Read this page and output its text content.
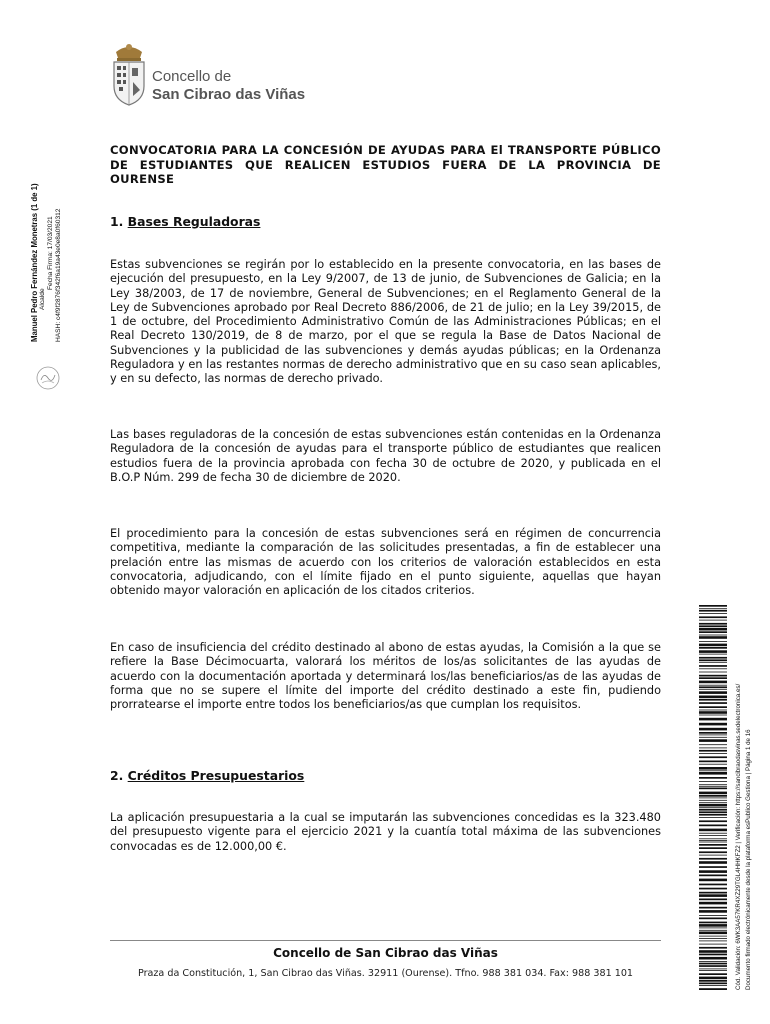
Concello de
San Cibrao das Viñas
CONVOCATORIA PARA LA CONCESIÓN DE AYUDAS PARA El TRANSPORTE PÚBLICO DE ESTUDIANTES QUE REALICEN ESTUDIOS FUERA DE LA PROVINCIA DE OURENSE
1. Bases Reguladoras
Estas subvenciones se regirán por lo establecido en la presente convocatoria, en las bases de ejecución del presupuesto, en la Ley 9/2007, de 13 de junio, de Subvenciones de Galicia; en la Ley 38/2003, de 17 de noviembre, General de Subvenciones; en el Reglamento General de la Ley de Subvenciones aprobado por Real Decreto 886/2006, de 21 de julio; en la Ley 39/2015, de 1 de octubre, del Procedimiento Administrativo Común de las Administraciones Públicas; en el Real Decreto 130/2019, de 8 de marzo, por el que se regula la Base de Datos Nacional de Subvenciones y la publicidad de las subvenciones y demás ayudas públicas; en la Ordenanza Reguladora y en las restantes normas de derecho administrativo que en su caso sean aplicables, y en su defecto, las normas de derecho privado.
Las bases reguladoras de la concesión de estas subvenciones están contenidas en la Ordenanza Reguladora de la concesión de ayudas para el transporte público de estudiantes que realicen estudios fuera de la provincia aprobada con fecha 30 de octubre de 2020, y publicada en el B.O.P Núm. 299 de fecha 30 de diciembre de 2020.
El procedimiento para la concesión de estas subvenciones será en régimen de concurrencia competitiva, mediante la comparación de las solicitudes presentadas, a fin de establecer una prelación entre las mismas de acuerdo con los criterios de valoración establecidos en esta convocatoria, adjudicando, con el límite fijado en el punto siguiente, aquellas que hayan obtenido mayor valoración en aplicación de los citados criterios.
En caso de insuficiencia del crédito destinado al abono de estas ayudas, la Comisión a la que se refiere la Base Décimocuarta, valorará los méritos de los/as solicitantes de las ayudas de acuerdo con la documentación aportada y determinará los/las beneficiarios/as de las ayudas de forma que no se supere el límite del importe del crédito destinado a este fin, pudiendo prorratearse el importe entre todos los beneficiarios/as que cumplan los requisitos.
2. Créditos Presupuestarios
La aplicación presupuestaria a la cual se imputarán las subvenciones concedidas es la 323.480 del presupuesto vigente para el ejercicio 2021 y la cuantía total máxima de las subvenciones convocadas es de 12.000,00 €.
Manuel Pedro Fernández Monetras (1 de 1) Alcalde
Fecha Firma: 17/03/2021 HASH: c4f9f2876f342f6a19a43e0e8a0f60312
Cód. Validación: 6WK3AA57KR4XZ29TGL4HHKFZ2 | Verificación: https://sancibraodasvinas.sedelectronica.es/ Documento firmado electrónicamente desde la plataforma esPublico Gestiona | Página 1 de 16
Concello de San Cibrao das Viñas
Praza da Constitución, 1, San Cibrao das Viñas. 32911 (Ourense). Tfno. 988 381 034. Fax: 988 381 101
